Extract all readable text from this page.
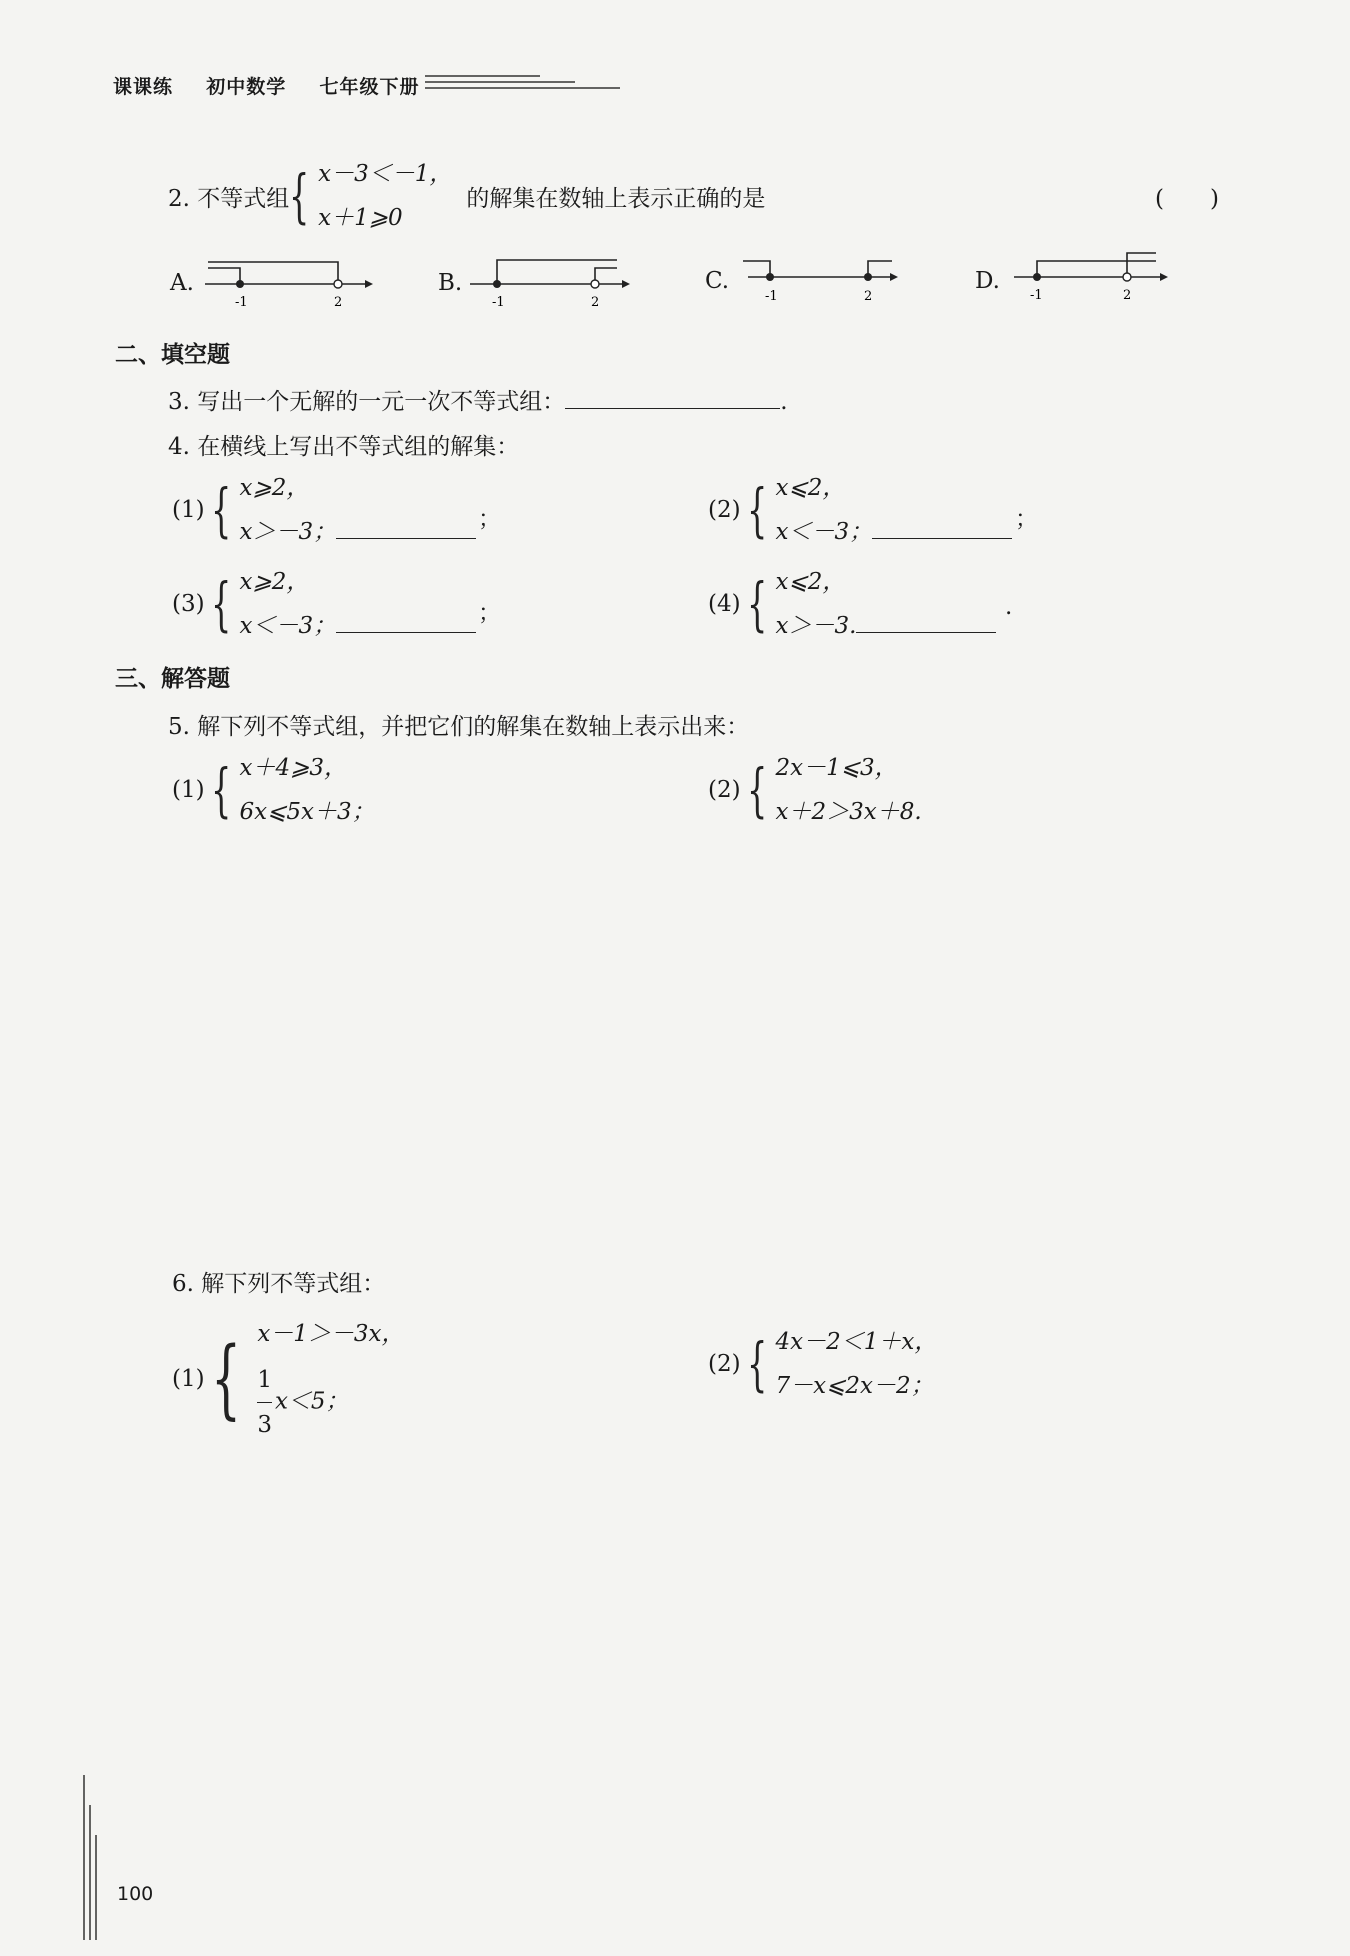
课课练 初中数学 七年级下册
2. 不等式组 { x－3＜－1，
x＋1⩾0
的解集在数轴上表示正确的是	(　　)
A.
-1	2
B.
-1	2
C.
-1	2
D.
-1	2
二、填空题
3. 写出一个无解的一元一次不等式组：	.
4. 在横线上写出不等式组的解集：
(1) { x⩾2，
x＞－3；	；	(2) { x⩽2，
x＜－3；	；
(3) { x⩾2，
x＜－3；	；	(4) { x⩽2，
x＞－3.
.
三、解答题
5. 解下列不等式组，并把它们的解集在数轴上表示出来：
(1) { x＋4⩾3，
6x⩽5x＋3；
(2) { 2x－1⩽3，
x＋2＞3x＋8.
6. 解下列不等式组：
(1) { x－1＞－3x，
$\frac{1}{3} x<5$；
(2) { 4x－2＜1＋x，
7－x⩽2x－2；
100
